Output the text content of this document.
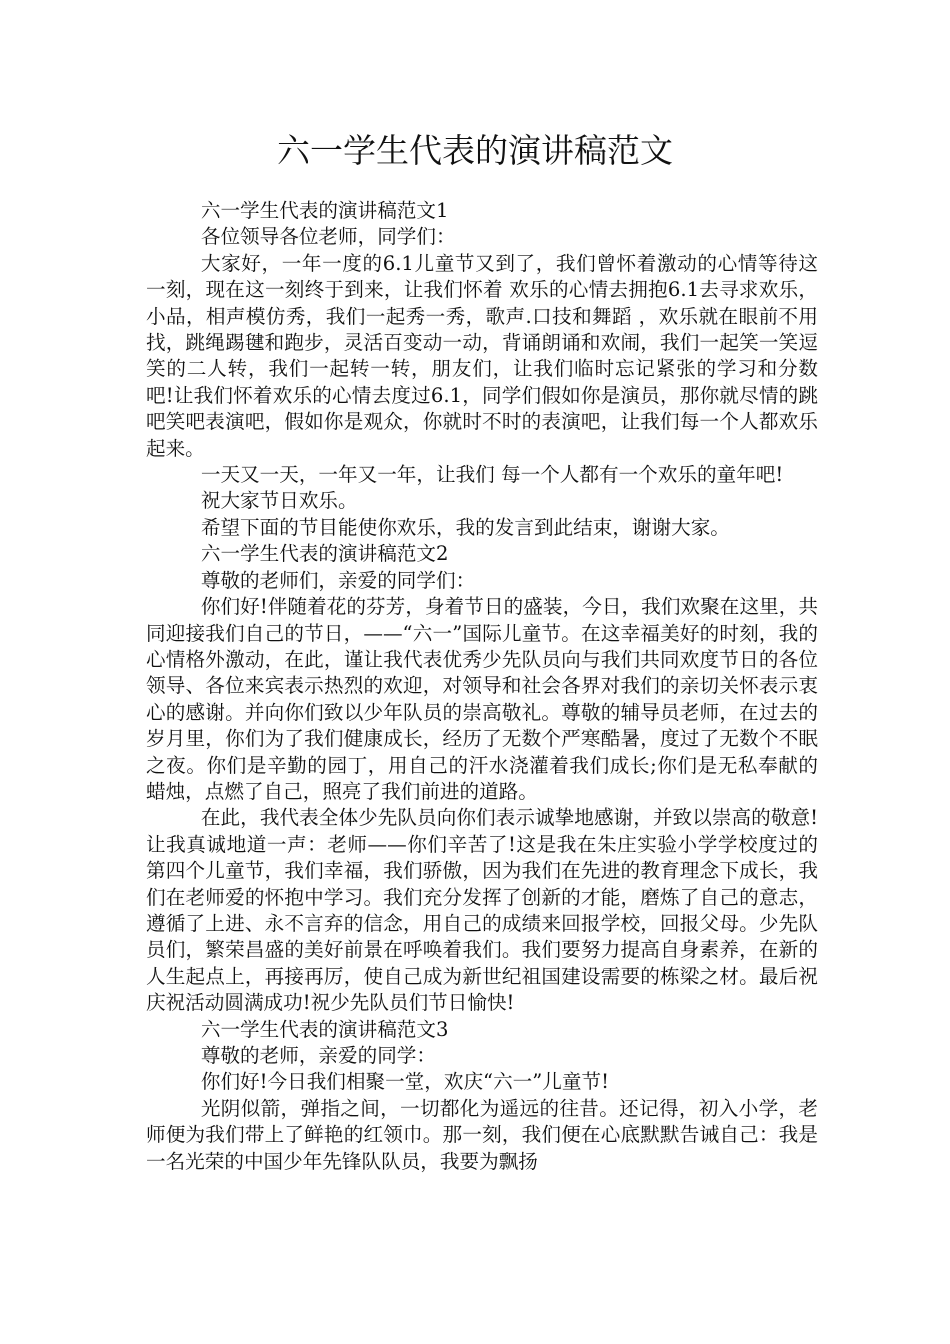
六一学生代表的演讲稿范文

六一学生代表的演讲稿范文1

各位领导各位老师，同学们：

大家好，一年一度的6.1儿童节又到了，我们曾怀着激动的心情等待这一刻，现在这一刻终于到来，让我们怀着 欢乐的心情去拥抱6.1去寻求欢乐，小品，相声模仿秀，我们一起秀一秀，歌声.口技和舞蹈 ，欢乐就在眼前不用找，跳绳踢毽和跑步，灵活百变动一动，背诵朗诵和欢闹，我们一起笑一笑逗笑的二人转，我们一起转一转，朋友们，让我们临时忘记紧张的学习和分数吧!让我们怀着欢乐的心情去度过6.1，同学们假如你是演员，那你就尽情的跳吧笑吧表演吧，假如你是观众，你就时不时的表演吧，让我们每一个人都欢乐起来。

一天又一天，一年又一年，让我们 每一个人都有一个欢乐的童年吧!

祝大家节日欢乐。

希望下面的节目能使你欢乐，我的发言到此结束，谢谢大家。

六一学生代表的演讲稿范文2

尊敬的老师们，亲爱的同学们：

你们好!伴随着花的芬芳，身着节日的盛装，今日，我们欢聚在这里，共同迎接我们自己的节日，——“六一”国际儿童节。在这幸福美好的时刻，我的心情格外激动，在此，谨让我代表优秀少先队员向与我们共同欢度节日的各位领导、各位来宾表示热烈的欢迎，对领导和社会各界对我们的亲切关怀表示衷心的感谢。并向你们致以少年队员的崇高敬礼。尊敬的辅导员老师，在过去的岁月里，你们为了我们健康成长，经历了无数个严寒酷暑，度过了无数个不眠之夜。你们是辛勤的园丁，用自己的汗水浇灌着我们成长;你们是无私奉献的蜡烛，点燃了自己，照亮了我们前进的道路。

在此，我代表全体少先队员向你们表示诚挚地感谢，并致以崇高的敬意!让我真诚地道一声：老师——你们辛苦了!这是我在朱庄实验小学学校度过的第四个儿童节，我们幸福，我们骄傲，因为我们在先进的教育理念下成长，我们在老师爱的怀抱中学习。我们充分发挥了创新的才能，磨炼了自己的意志，遵循了上进、永不言弃的信念，用自己的成绩来回报学校，回报父母。少先队员们，繁荣昌盛的美好前景在呼唤着我们。我们要努力提高自身素养，在新的人生起点上，再接再厉，使自己成为新世纪祖国建设需要的栋梁之材。最后祝庆祝活动圆满成功!祝少先队员们节日愉快!

六一学生代表的演讲稿范文3

尊敬的老师，亲爱的同学：

你们好!今日我们相聚一堂，欢庆“六一”儿童节!

光阴似箭，弹指之间，一切都化为遥远的往昔。还记得，初入小学，老师便为我们带上了鲜艳的红领巾。那一刻，我们便在心底默默告诫自己：我是一名光荣的中国少年先锋队队员，我要为飘扬
